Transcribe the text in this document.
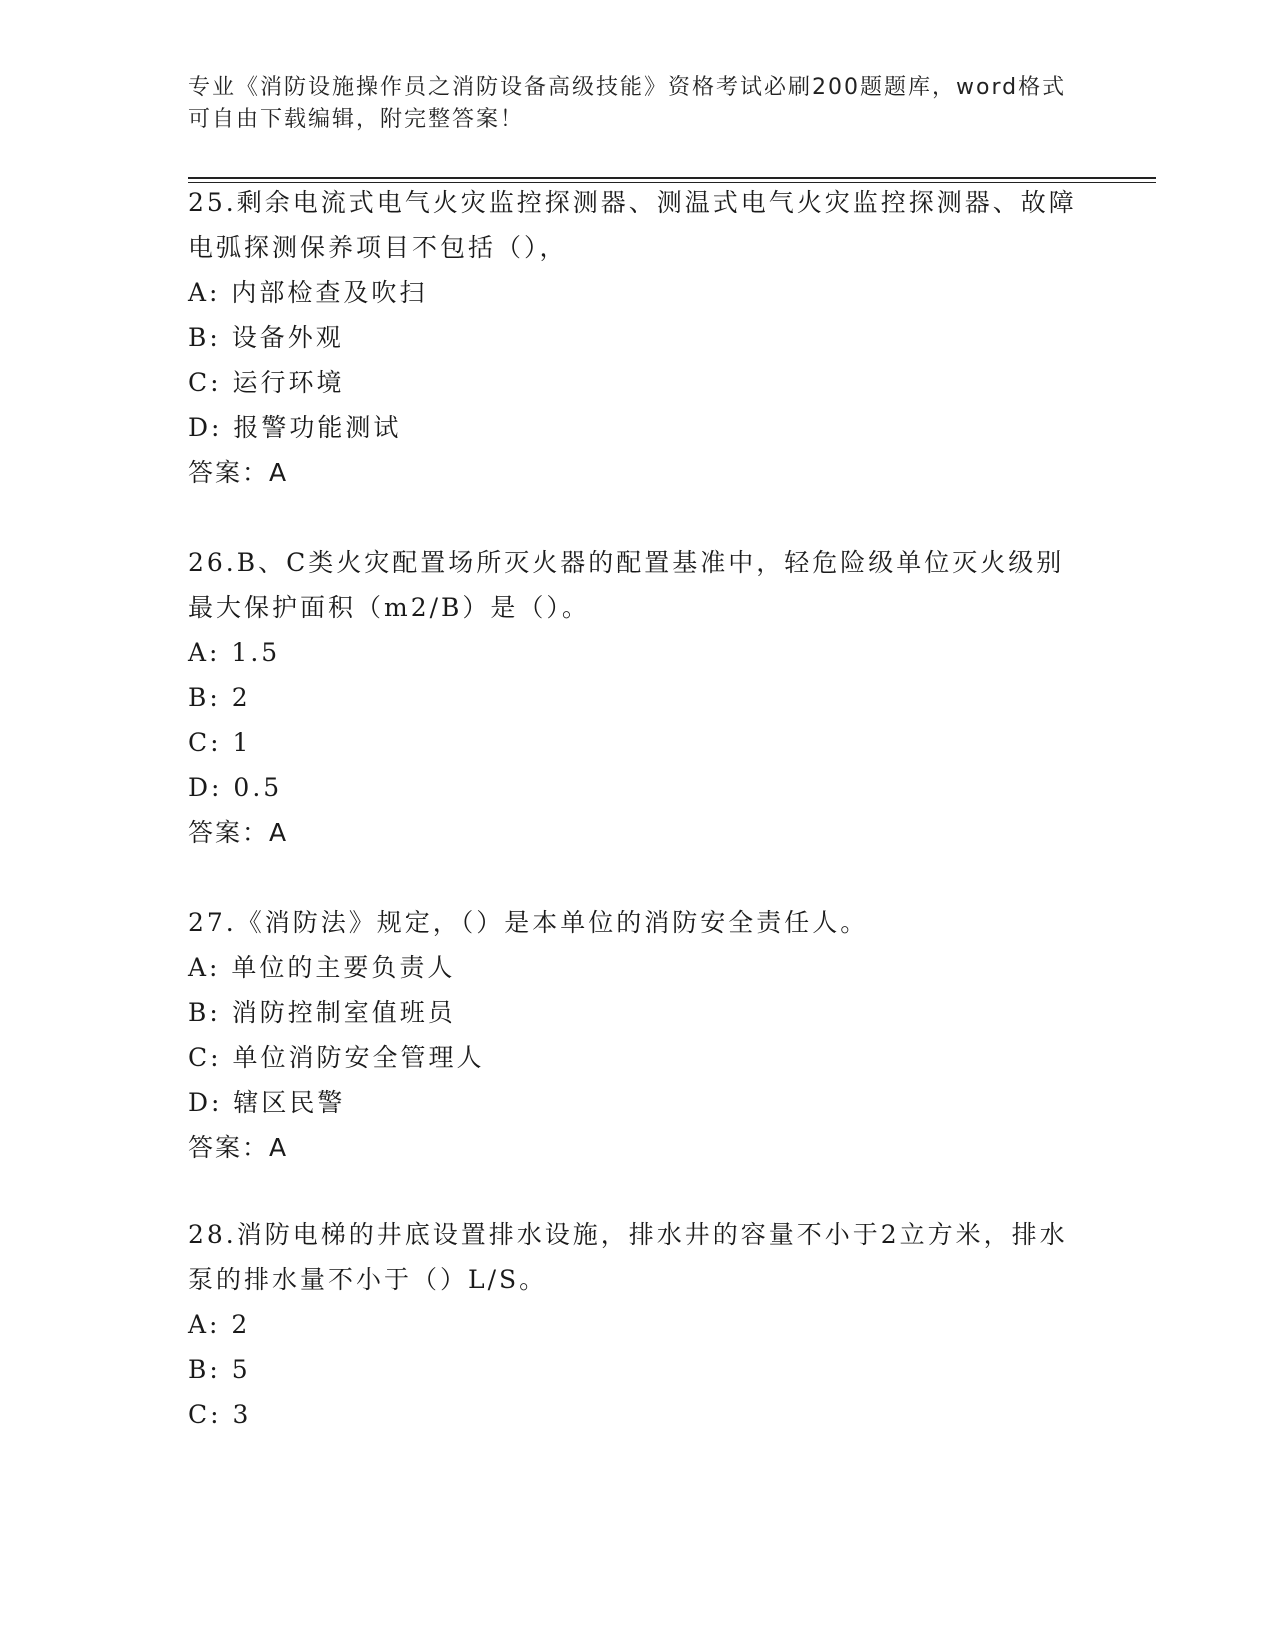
专业《消防设施操作员之消防设备高级技能》资格考试必刷200题题库，word格式可自由下载编辑，附完整答案！

25.剩余电流式电气火灾监控探测器、测温式电气火灾监控探测器、故障电弧探测保养项目不包括（），

A: 内部检查及吹扫
B: 设备外观
C: 运行环境
D: 报警功能测试
答案：A

26.B、C类火灾配置场所灭火器的配置基准中，轻危险级单位灭火级别最大保护面积（m2/B）是（）。

A: 1.5
B: 2
C: 1
D: 0.5
答案：A

27.《消防法》规定，（）是本单位的消防安全责任人。

A: 单位的主要负责人
B: 消防控制室值班员
C: 单位消防安全管理人
D: 辖区民警
答案：A

28.消防电梯的井底设置排水设施，排水井的容量不小于2立方米，排水泵的排水量不小于（）L/S。

A: 2
B: 5
C: 3
